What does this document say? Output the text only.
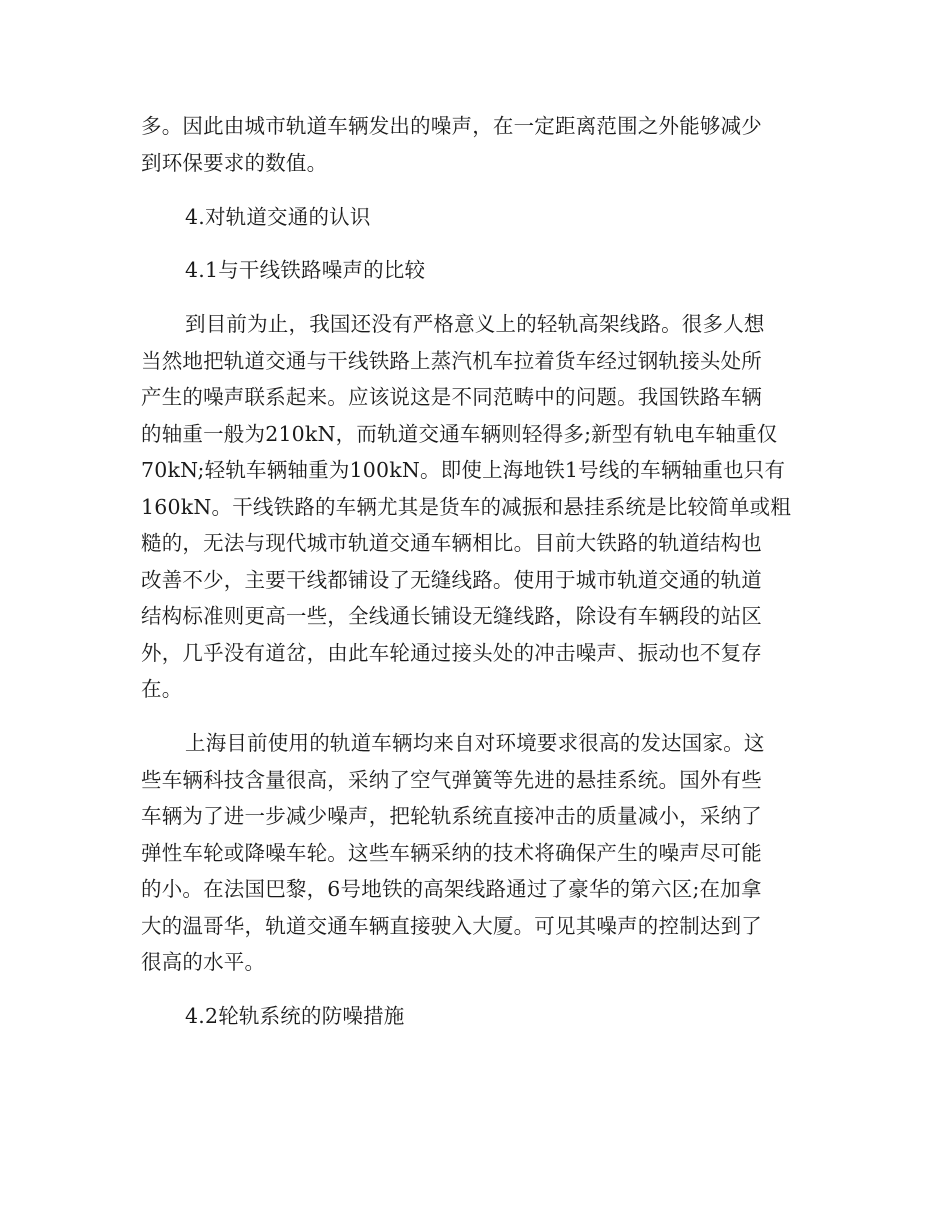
多。因此由城市轨道车辆发出的噪声，在一定距离范围之外能够减少
到环保要求的数值。
4.对轨道交通的认识
4.1与干线铁路噪声的比较
到目前为止，我国还没有严格意义上的轻轨高架线路。很多人想
当然地把轨道交通与干线铁路上蒸汽机车拉着货车经过钢轨接头处所
产生的噪声联系起来。应该说这是不同范畴中的问题。我国铁路车辆
的轴重一般为210kN，而轨道交通车辆则轻得多;新型有轨电车轴重仅
70kN;轻轨车辆轴重为100kN。即使上海地铁1号线的车辆轴重也只有
160kN。干线铁路的车辆尤其是货车的减振和悬挂系统是比较简单或粗
糙的，无法与现代城市轨道交通车辆相比。目前大铁路的轨道结构也
改善不少，主要干线都铺设了无缝线路。使用于城市轨道交通的轨道
结构标准则更高一些，全线通长铺设无缝线路，除设有车辆段的站区
外，几乎没有道岔，由此车轮通过接头处的冲击噪声、振动也不复存
在。
上海目前使用的轨道车辆均来自对环境要求很高的发达国家。这
些车辆科技含量很高，采纳了空气弹簧等先进的悬挂系统。国外有些
车辆为了进一步减少噪声，把轮轨系统直接冲击的质量减小，采纳了
弹性车轮或降噪车轮。这些车辆采纳的技术将确保产生的噪声尽可能
的小。在法国巴黎，6号地铁的高架线路通过了豪华的第六区;在加拿
大的温哥华，轨道交通车辆直接驶入大厦。可见其噪声的控制达到了
很高的水平。
4.2轮轨系统的防噪措施
